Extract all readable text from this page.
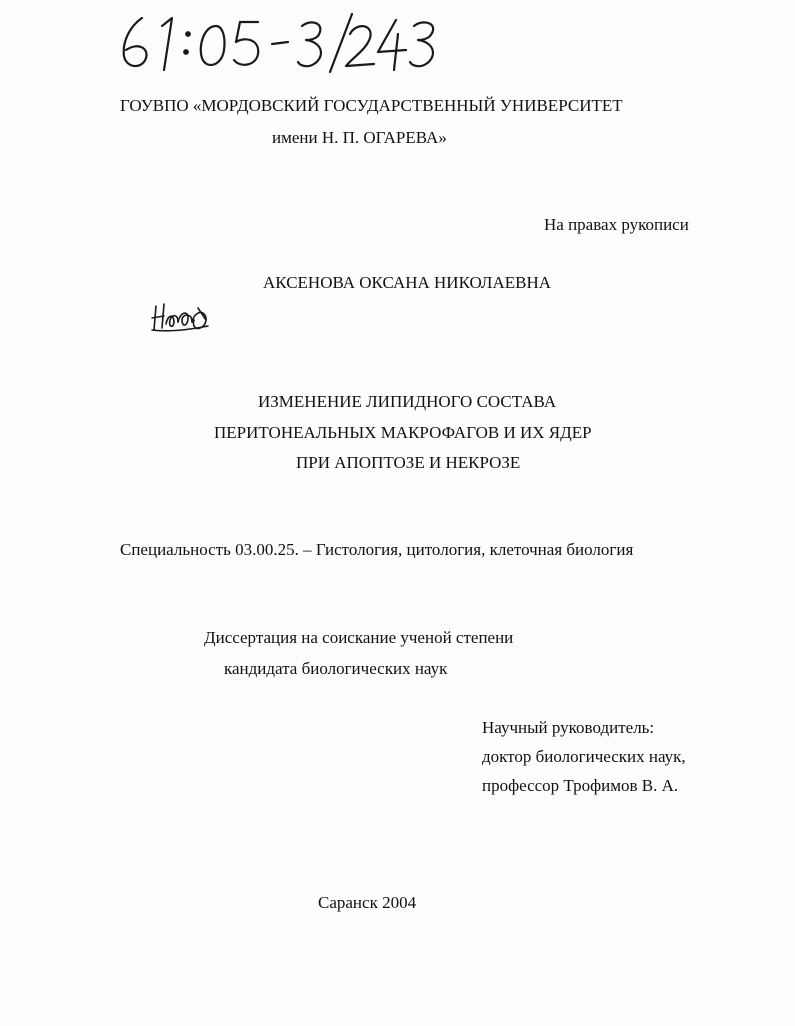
ГОУВПО «МОРДОВСКИЙ ГОСУДАРСТВЕННЫЙ УНИВЕРСИТЕТ
имени Н. П. ОГАРЕВА»
На правах рукописи
АКСЕНОВА ОКСАНА НИКОЛАЕВНА
ИЗМЕНЕНИЕ ЛИПИДНОГО СОСТАВА
ПЕРИТОНЕАЛЬНЫХ МАКРОФАГОВ И ИХ ЯДЕР
ПРИ АПОПТОЗЕ И НЕКРОЗЕ
Специальность 03.00.25. – Гистология, цитология, клеточная биология
Диссертация на соискание ученой степени
кандидата биологических наук
Научный руководитель:
доктор биологических наук,
профессор Трофимов В. А.
Саранск 2004
